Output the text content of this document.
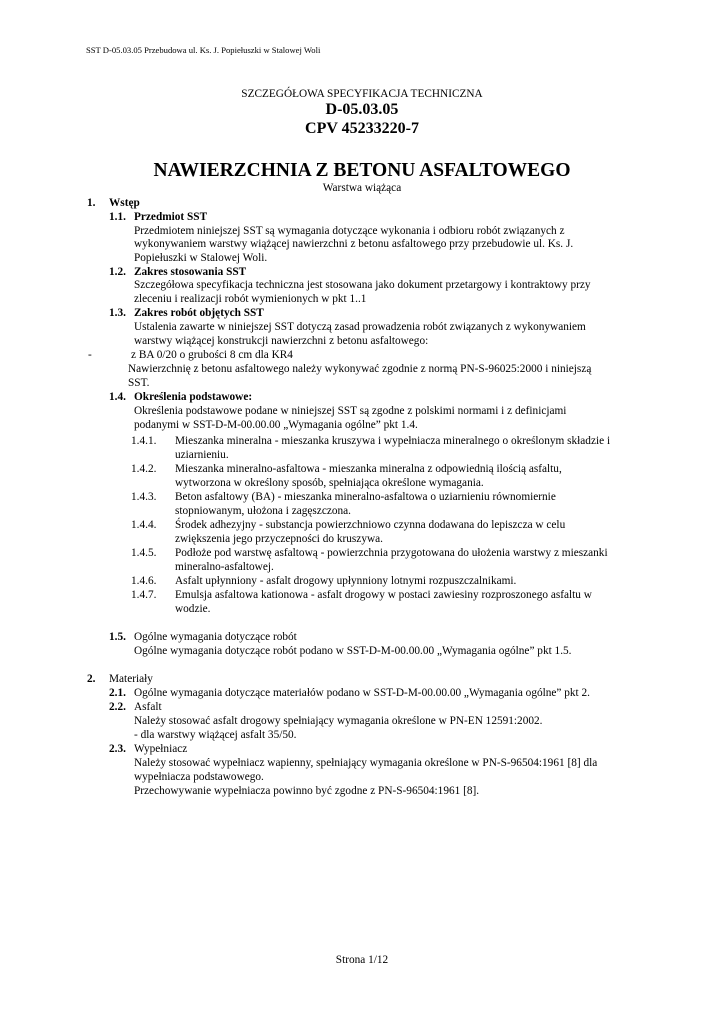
SST D-05.03.05 Przebudowa ul. Ks. J. Popiełuszki w Stalowej Woli
SZCZEGÓŁOWA SPECYFIKACJA TECHNICZNA
D-05.03.05
CPV 45233220-7
NAWIERZCHNIA Z BETONU ASFALTOWEGO
Warstwa wiążąca
1. Wstęp
1.1. Przedmiot SST
Przedmiotem niniejszej SST są wymagania dotyczące wykonania i odbioru robót związanych z
wykonywaniem warstwy wiążącej nawierzchni z betonu asfaltowego przy przebudowie ul. Ks. J.
Popiełuszki w Stalowej Woli.
1.2. Zakres stosowania SST
Szczegółowa specyfikacja techniczna jest stosowana jako dokument przetargowy i kontraktowy przy
zleceniu i realizacji robót wymienionych w pkt 1..1
1.3. Zakres robót objętych SST
Ustalenia zawarte w niniejszej SST dotyczą zasad prowadzenia robót związanych z wykonywaniem
warstwy wiążącej konstrukcji nawierzchni z betonu asfaltowego:
-	z BA 0/20 o grubości 8 cm dla KR4
Nawierzchnię z betonu asfaltowego należy wykonywać zgodnie z normą PN-S-96025:2000 i niniejszą
SST.
1.4. Określenia podstawowe:
Określenia podstawowe podane w niniejszej SST są zgodne z polskimi normami i z definicjami
podanymi w SST-D-M-00.00.00 „Wymagania ogólne” pkt 1.4.
1.4.1. Mieszanka mineralna - mieszanka kruszywa i wypełniacza mineralnego o określonym składzie i
uziarnieniu.
1.4.2. Mieszanka mineralno-asfaltowa - mieszanka mineralna z odpowiednią ilością asfaltu,
wytworzona w określony sposób, spełniająca określone wymagania.
1.4.3. Beton asfaltowy (BA) - mieszanka mineralno-asfaltowa o uziarnieniu równomiernie
stopniowanym, ułożona i zagęszczona.
1.4.4. Środek adhezyjny - substancja powierzchniowo czynna dodawana do lepiszcza w celu
zwiększenia jego przyczepności do kruszywa.
1.4.5. Podłoże pod warstwę asfaltową - powierzchnia przygotowana do ułożenia warstwy z mieszanki
mineralno-asfaltowej.
1.4.6. Asfalt upłynniony - asfalt drogowy upłynniony lotnymi rozpuszczalnikami.
1.4.7. Emulsja asfaltowa kationowa - asfalt drogowy w postaci zawiesiny rozproszonego asfaltu w
wodzie.
1.5. Ogólne wymagania dotyczące robót
Ogólne wymagania dotyczące robót podano w SST-D-M-00.00.00 „Wymagania ogólne” pkt 1.5.
2. Materiały
2.1. Ogólne wymagania dotyczące materiałów podano w SST-D-M-00.00.00 „Wymagania ogólne” pkt 2.
2.2. Asfalt
Należy stosować asfalt drogowy spełniający wymagania określone w PN-EN 12591:2002.
- dla warstwy wiążącej asfalt 35/50.
2.3. Wypełniacz
Należy stosować wypełniacz wapienny, spełniający wymagania określone w PN-S-96504:1961 [8] dla
wypełniacza podstawowego.
Przechowywanie wypełniacza powinno być zgodne z PN-S-96504:1961 [8].
Strona 1/12
